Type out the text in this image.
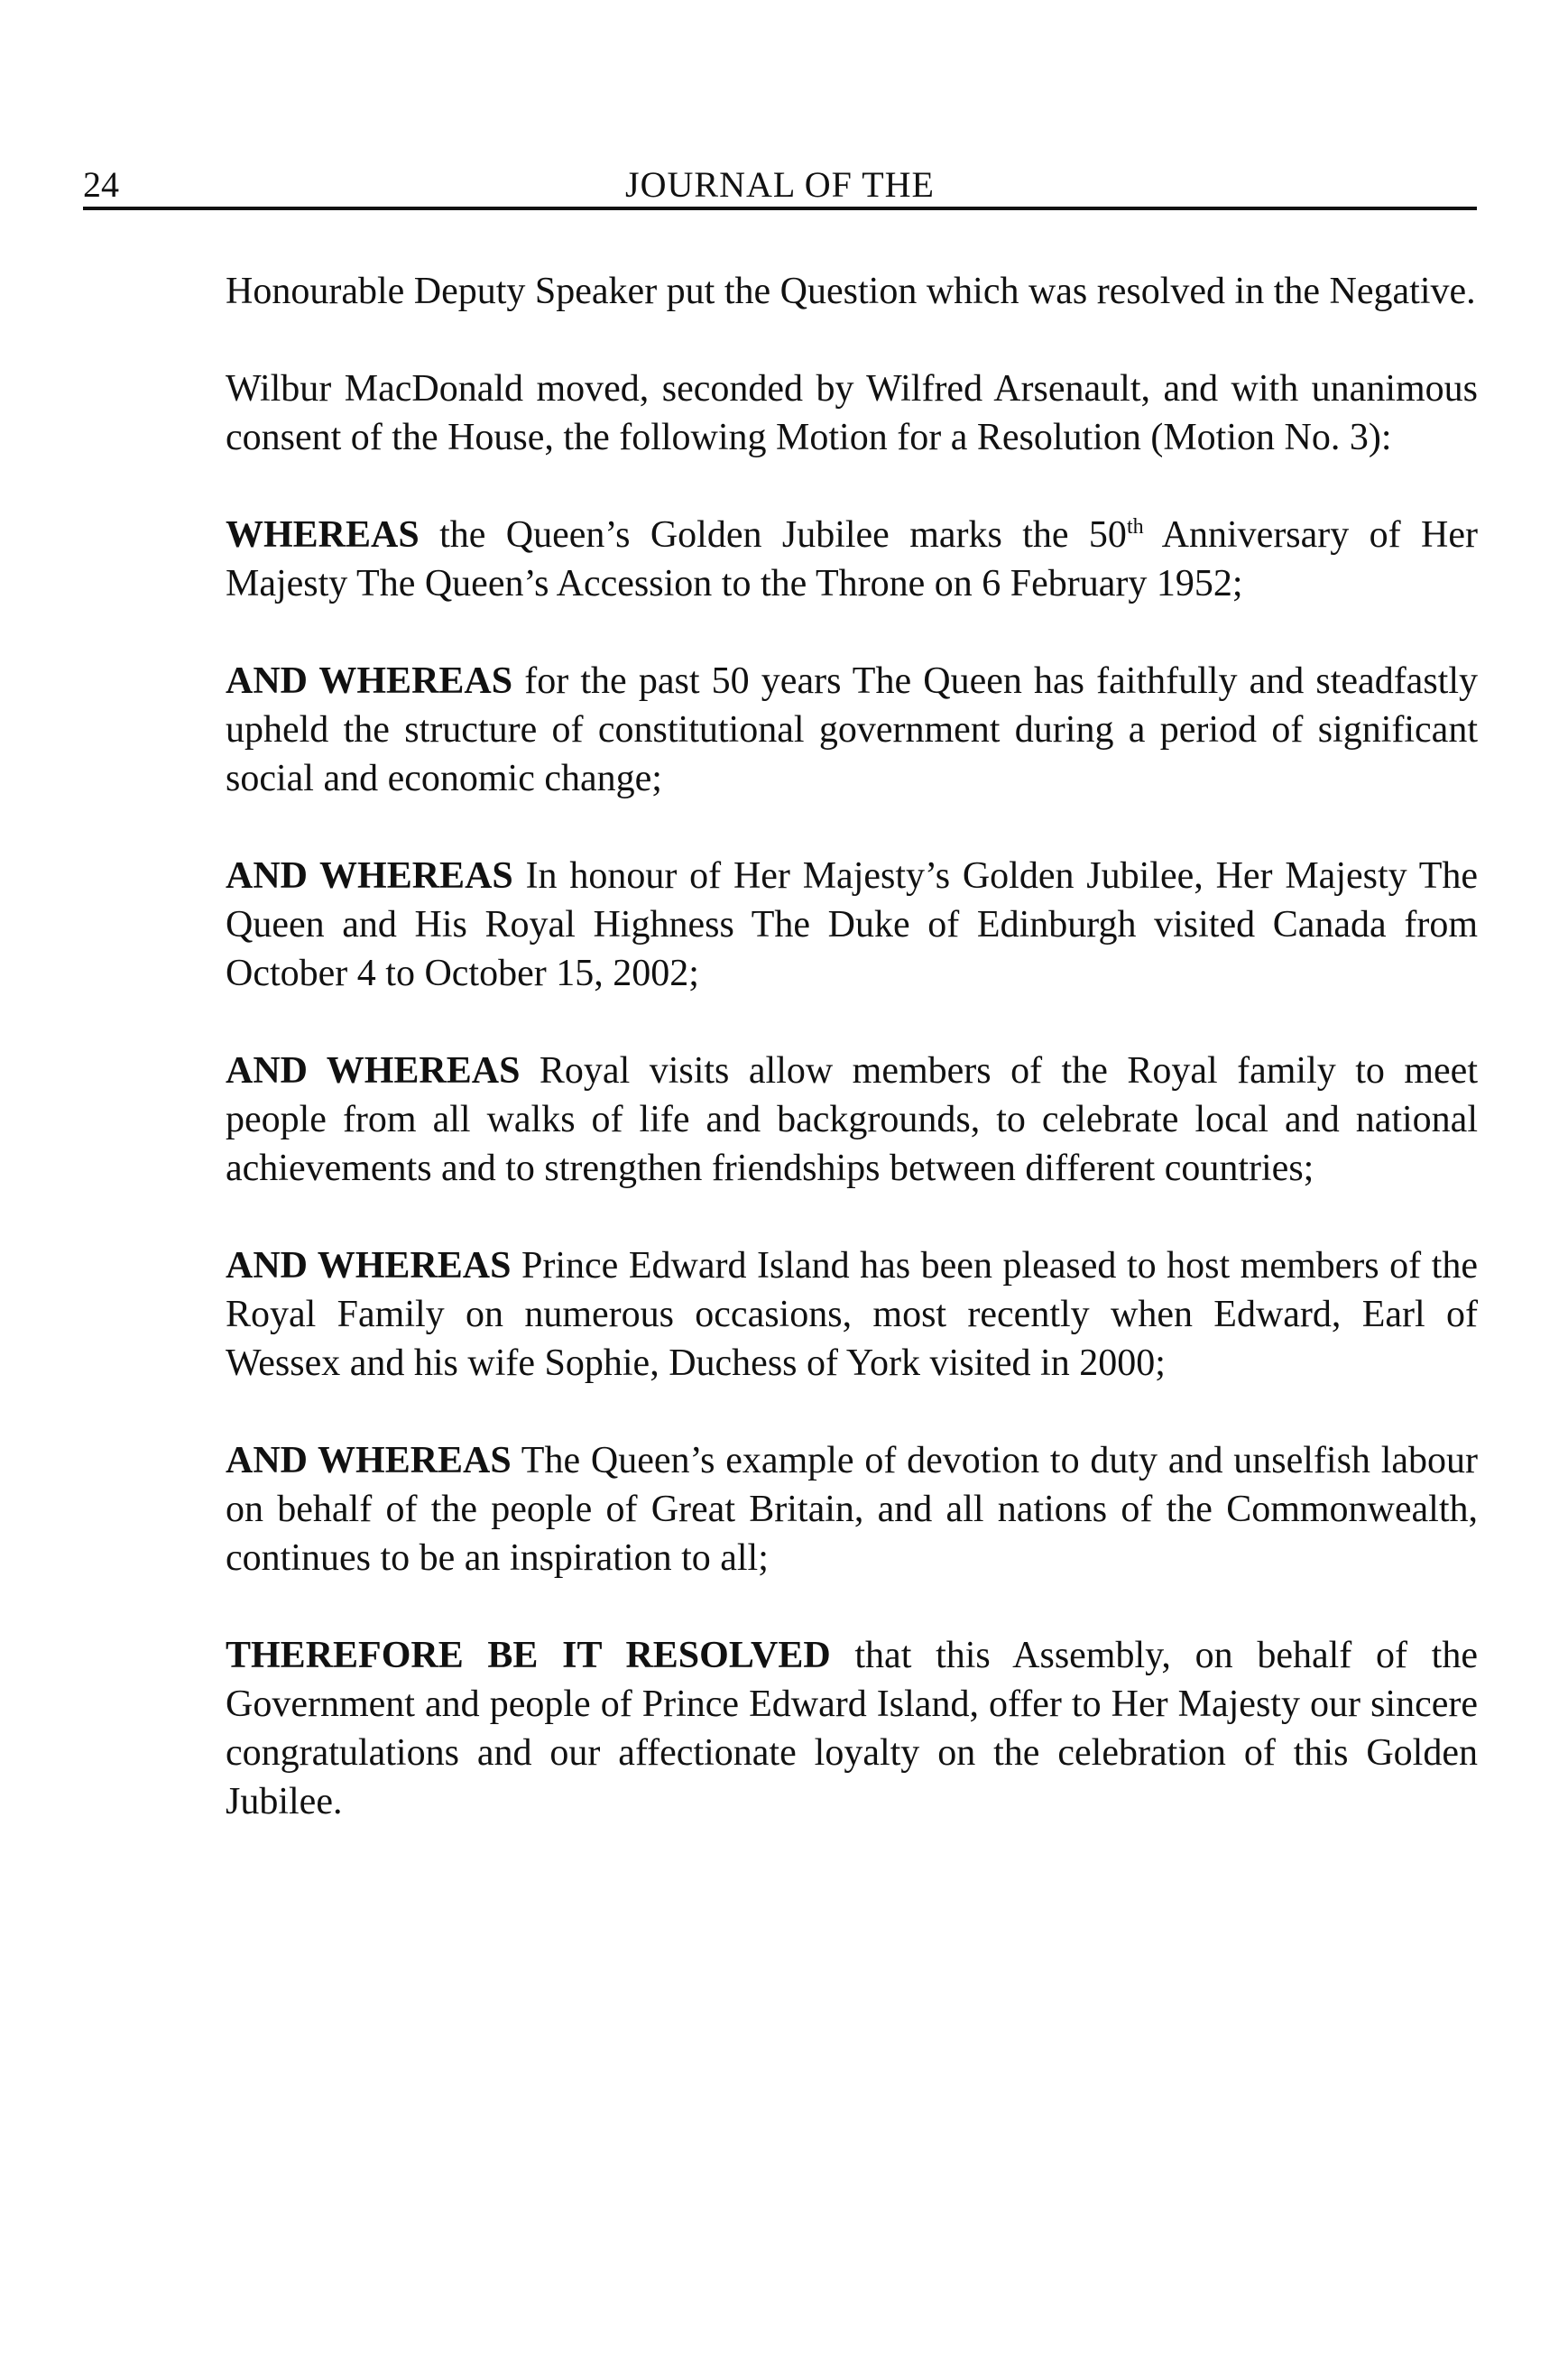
24	JOURNAL OF THE

Honourable Deputy Speaker put the Question which was resolved in the Negative.

Wilbur MacDonald moved, seconded by Wilfred Arsenault, and with unanimous consent of the House, the following Motion for a Resolution (Motion No. 3):

WHEREAS the Queen’s Golden Jubilee marks the 50th Anniversary of Her Majesty The Queen’s Accession to the Throne on 6 February 1952;

AND WHEREAS for the past 50 years The Queen has faithfully and steadfastly upheld the structure of constitutional government during a period of significant social and economic change;

AND WHEREAS In honour of Her Majesty’s Golden Jubilee, Her Majesty The Queen and His Royal Highness The Duke of Edinburgh visited Canada from October 4 to October 15, 2002;

AND WHEREAS Royal visits allow members of the Royal family to meet people from all walks of life and backgrounds, to celebrate local and national achievements and to strengthen friendships between different countries;

AND WHEREAS Prince Edward Island has been pleased to host members of the Royal Family on numerous occasions, most recently when Edward, Earl of Wessex and his wife Sophie, Duchess of York visited in 2000;

AND WHEREAS The Queen’s example of devotion to duty and unselfish labour on behalf of the people of Great Britain, and all nations of the Commonwealth, continues to be an inspiration to all;

THEREFORE BE IT RESOLVED that this Assembly, on behalf of the Government and people of Prince Edward Island, offer to Her Majesty our sincere congratulations and our affectionate loyalty on the celebration of this Golden Jubilee.
